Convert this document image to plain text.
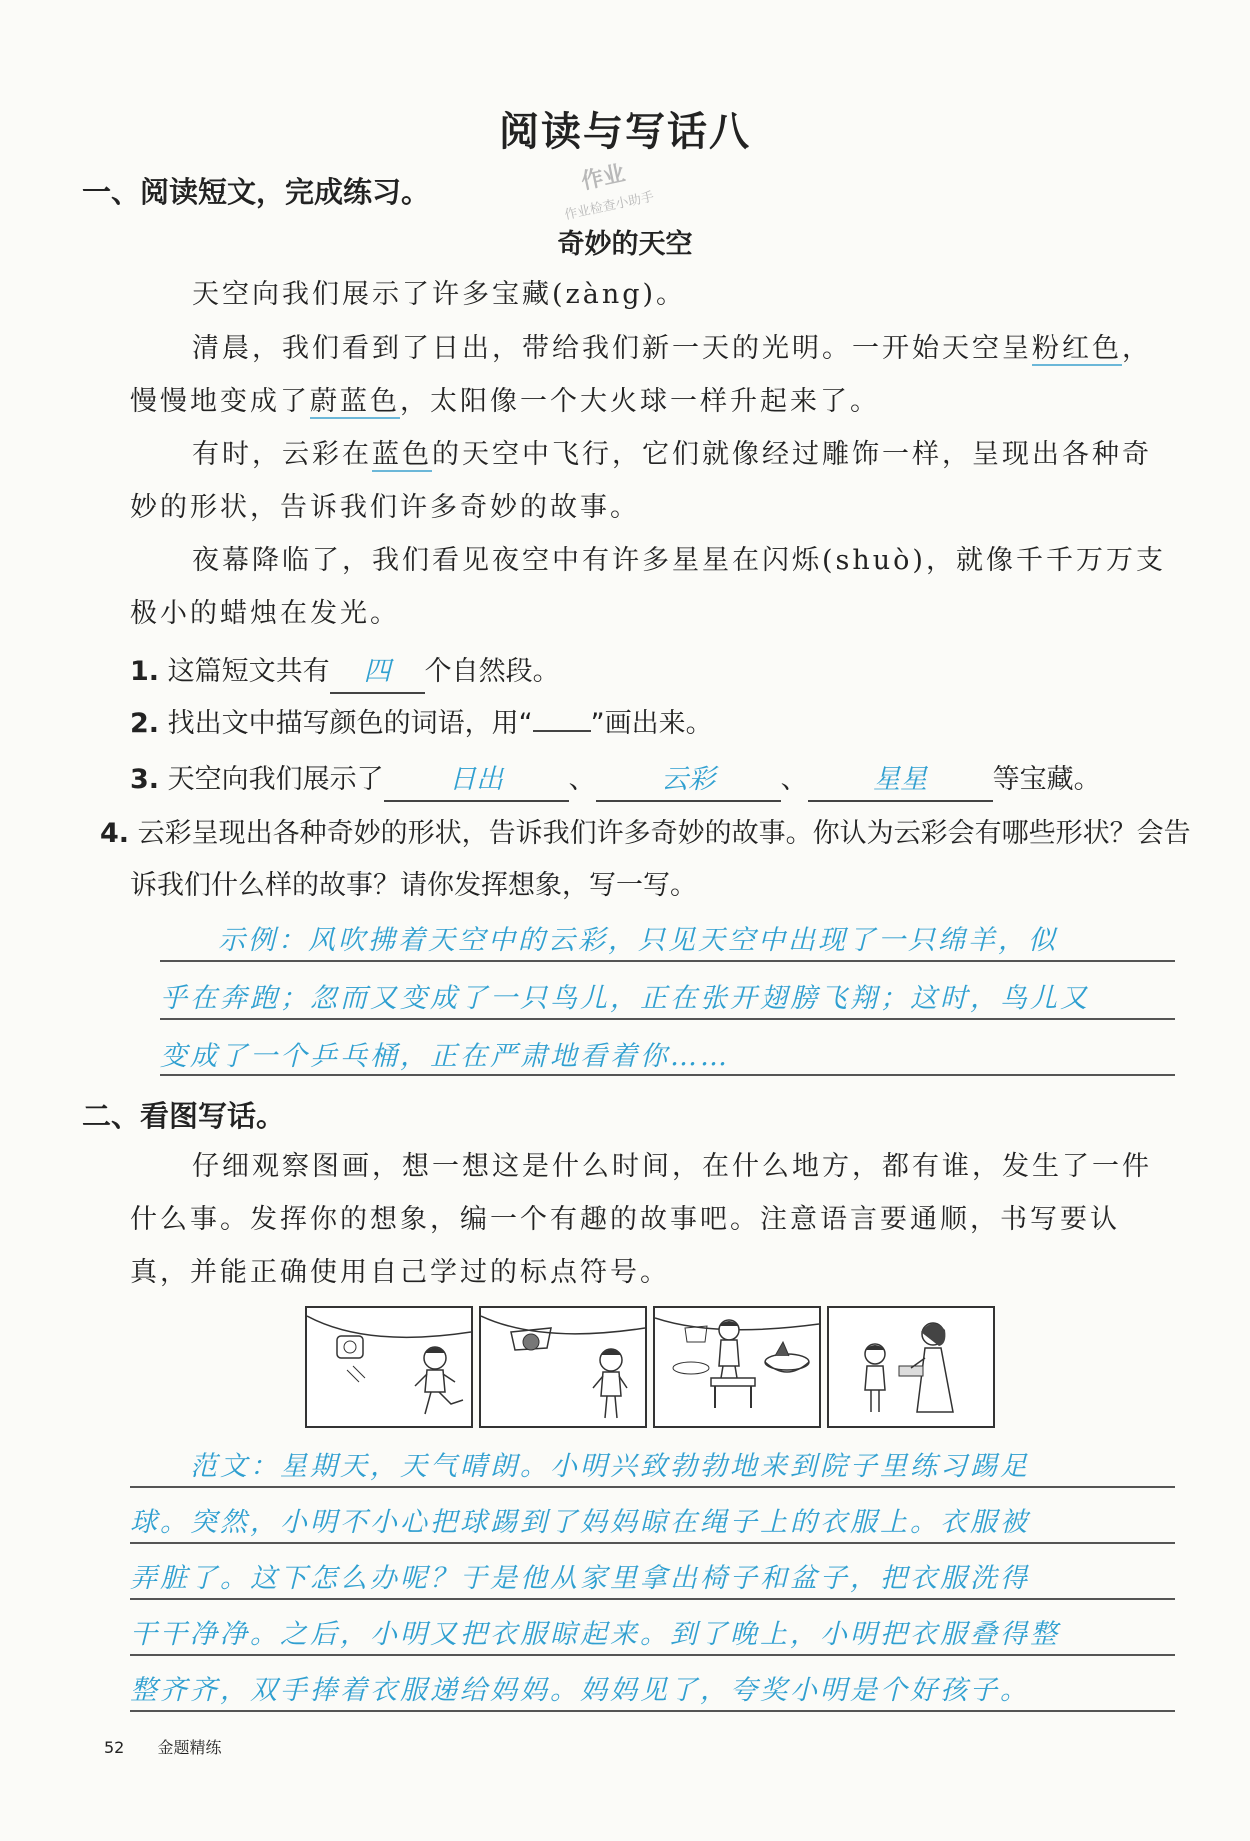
阅读与写话八
一、阅读短文，完成练习。	作业
作业检查小助手
奇妙的天空
天空向我们展示了许多宝藏(zàng)。
清晨，我们看到了日出，带给我们新一天的光明。一开始天空呈粉红色，慢慢地变成了蔚蓝色，太阳像一个大火球一样升起来了。
有时，云彩在蓝色的天空中飞行，它们就像经过雕饰一样，呈现出各种奇妙的形状，告诉我们许多奇妙的故事。
夜幕降临了，我们看见夜空中有许多星星在闪烁(shuò)，就像千千万万支极小的蜡烛在发光。
1. 这篇短文共有 四 个自然段。
2. 找出文中描写颜色的词语，用“ ”画出来。
3. 天空向我们展示了 日出 、 云彩 、 星星 等宝藏。
4. 云彩呈现出各种奇妙的形状，告诉我们许多奇妙的故事。你认为云彩会有哪些形状？会告诉我们什么样的故事？请你发挥想象，写一写。
示例：风吹拂着天空中的云彩，只见天空中出现了一只绵羊，似
乎在奔跑；忽而又变成了一只鸟儿，正在张开翅膀飞翔；这时，鸟儿又
变成了一个乒乓桶，正在严肃地看着你……
二、看图写话。
仔细观察图画，想一想这是什么时间，在什么地方，都有谁，发生了一件什么事。发挥你的想象，编一个有趣的故事吧。注意语言要通顺，书写要认真，并能正确使用自己学过的标点符号。
范文：星期天，天气晴朗。小明兴致勃勃地来到院子里练习踢足
球。突然，小明不小心把球踢到了妈妈晾在绳子上的衣服上。衣服被
弄脏了。这下怎么办呢？于是他从家里拿出椅子和盆子，把衣服洗得
干干净净。之后，小明又把衣服晾起来。到了晚上，小明把衣服叠得整
整齐齐，双手捧着衣服递给妈妈。妈妈见了，夸奖小明是个好孩子。
52 金题精练
